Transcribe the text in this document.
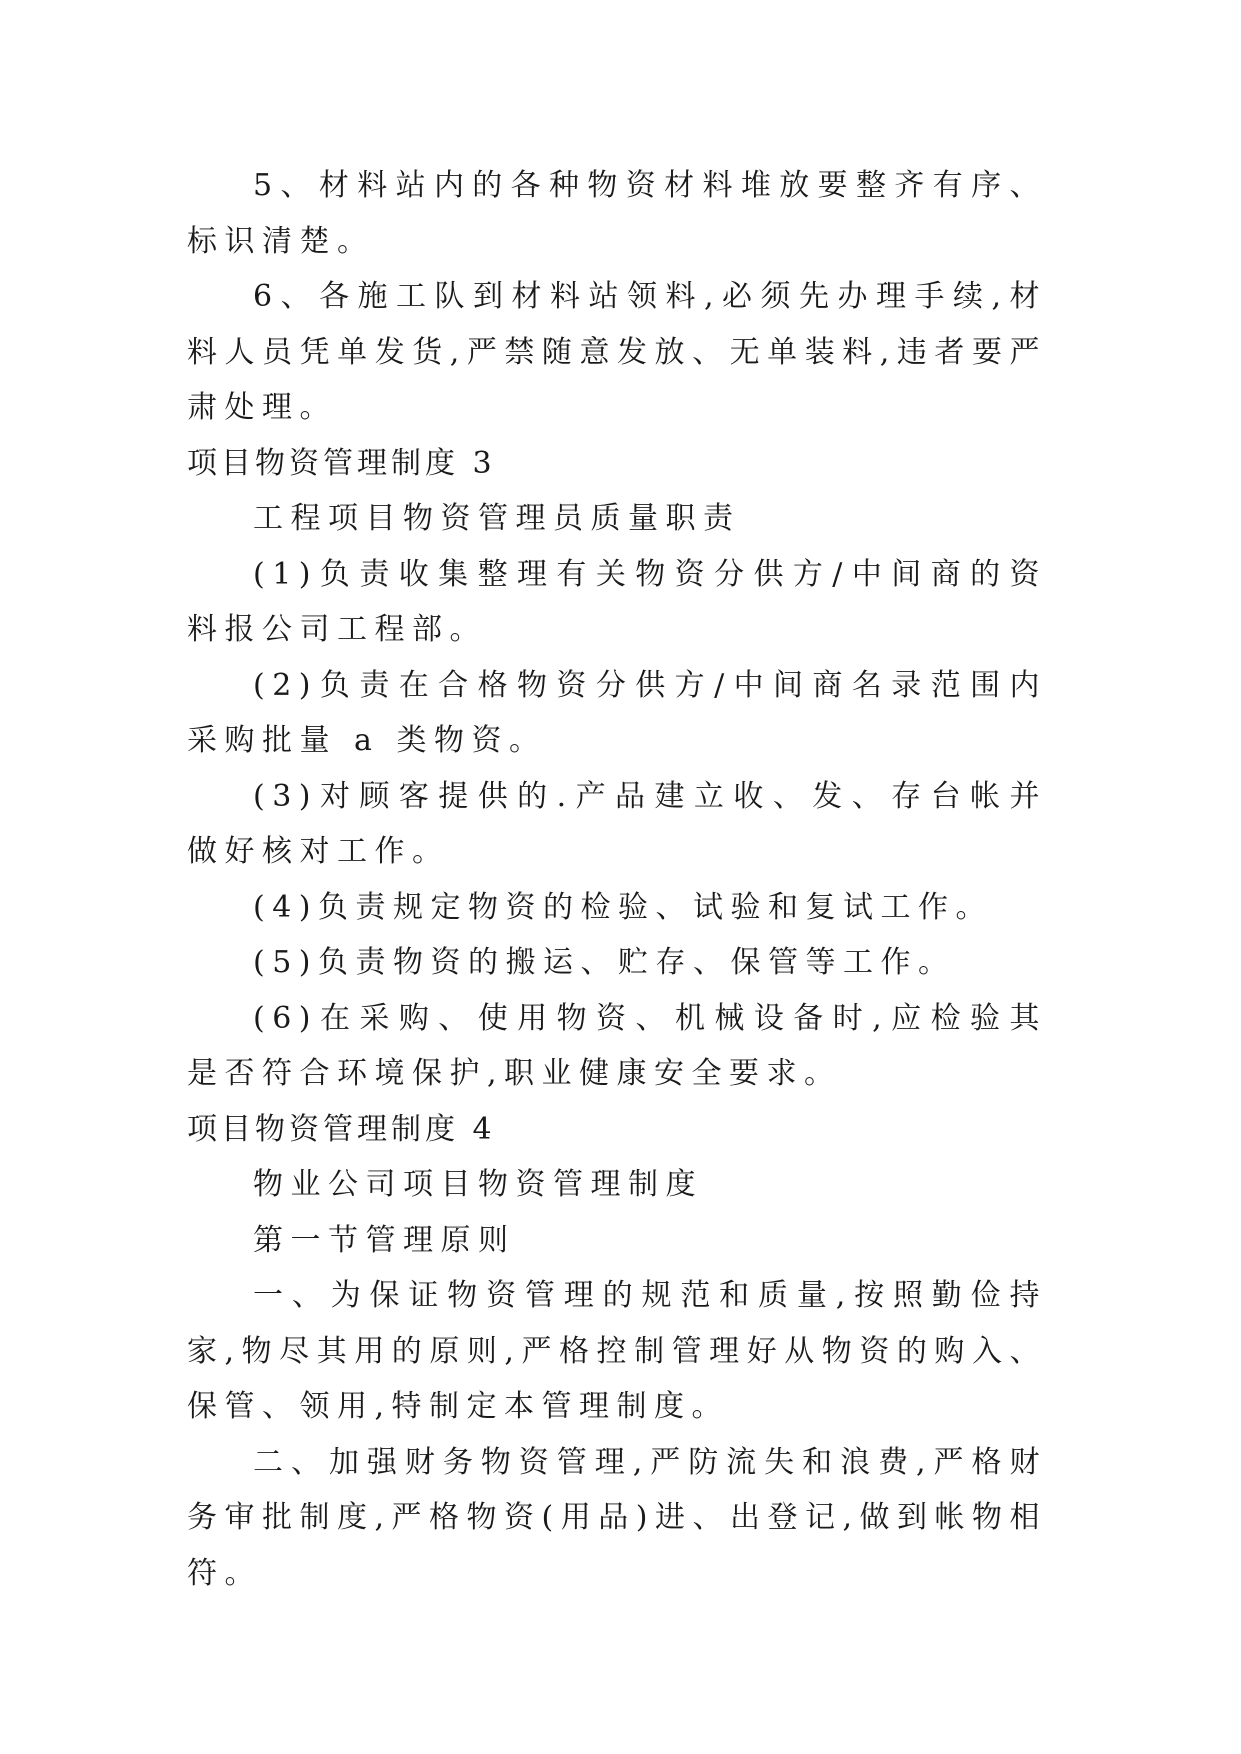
5、材料站内的各种物资材料堆放要整齐有序、标识清楚。

6、各施工队到材料站领料,必须先办理手续,材料人员凭单发货,严禁随意发放、无单装料,违者要严肃处理。

项目物资管理制度 3

工程项目物资管理员质量职责

(1)负责收集整理有关物资分供方/中间商的资料报公司工程部。

(2)负责在合格物资分供方/中间商名录范围内采购批量 a 类物资。

(3)对顾客提供的.产品建立收、发、存台帐并做好核对工作。

(4)负责规定物资的检验、试验和复试工作。

(5)负责物资的搬运、贮存、保管等工作。

(6)在采购、使用物资、机械设备时,应检验其是否符合环境保护,职业健康安全要求。

项目物资管理制度 4

物业公司项目物资管理制度

第一节管理原则

一、为保证物资管理的规范和质量,按照勤俭持家,物尽其用的原则,严格控制管理好从物资的购入、保管、领用,特制定本管理制度。

二、加强财务物资管理,严防流失和浪费,严格财务审批制度,严格物资(用品)进、出登记,做到帐物相符。
